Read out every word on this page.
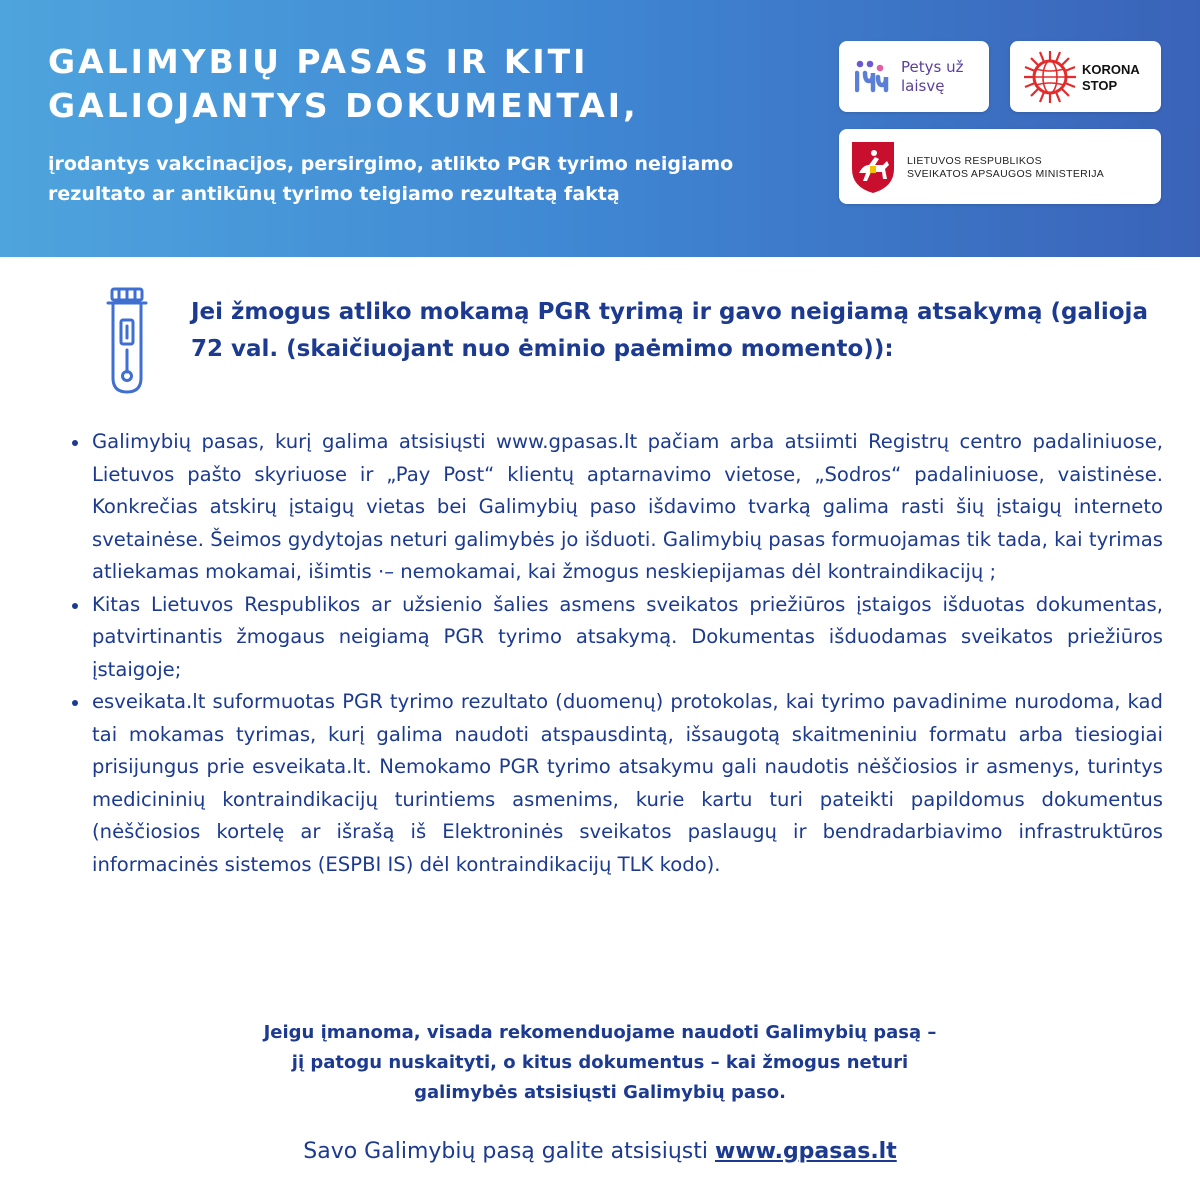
GALIMYBIŲ PASAS IR KITI
GALIOJANTYS DOKUMENTAI,

įrodantys vakcinacijos, persirgimo, atlikto PGR tyrimo neigiamo rezultato ar antikūnų tyrimo teigiamo rezultatą faktą

Petys už
laisvę
KORONA
STOP
LIETUVOS RESPUBLIKOS
SVEIKATOS APSAUGOS MINISTERIJA
Jei žmogus atliko mokamą PGR tyrimą ir gavo neigiamą atsakymą (galioja 72 val. (skaičiuojant nuo ėminio paėmimo momento)):
Galimybių pasas, kurį galima atsisiųsti www.gpasas.lt pačiam arba atsiimti Registrų centro padaliniuose, Lietuvos pašto skyriuose ir „Pay Post“ klientų aptarnavimo vietose, „Sodros“ padaliniuose, vaistinėse. Konkrečias atskirų įstaigų vietas bei Galimybių paso išdavimo tvarką galima rasti šių įstaigų interneto svetainėse. Šeimos gydytojas neturi galimybės jo išduoti. Galimybių pasas formuojamas tik tada, kai tyrimas atliekamas mokamai, išimtis ·– nemokamai, kai žmogus neskiepijamas dėl kontraindikacijų ;
Kitas Lietuvos Respublikos ar užsienio šalies asmens sveikatos priežiūros įstaigos išduotas dokumentas, patvirtinantis žmogaus neigiamą PGR tyrimo atsakymą. Dokumentas išduodamas sveikatos priežiūros įstaigoje;
esveikata.lt suformuotas PGR tyrimo rezultato (duomenų) protokolas, kai tyrimo pavadinime nurodoma, kad tai mokamas tyrimas, kurį galima naudoti atspausdintą, išsaugotą skaitmeniniu formatu arba tiesiogiai prisijungus prie esveikata.lt. Nemokamo PGR tyrimo atsakymu gali naudotis nėščiosios ir asmenys, turintys medicininių kontraindikacijų turintiems asmenims, kurie kartu turi pateikti papildomus dokumentus (nėščiosios kortelę ar išrašą iš Elektroninės sveikatos paslaugų ir bendradarbiavimo infrastruktūros informacinės sistemos (ESPBI IS) dėl kontraindikacijų TLK kodo).

Jeigu įmanoma, visada rekomenduojame naudoti Galimybių pasą –
jį patogu nuskaityti, o kitus dokumentus – kai žmogus neturi
galimybės atsisiųsti Galimybių paso.

Savo Galimybių pasą galite atsisiųsti www.gpasas.lt
